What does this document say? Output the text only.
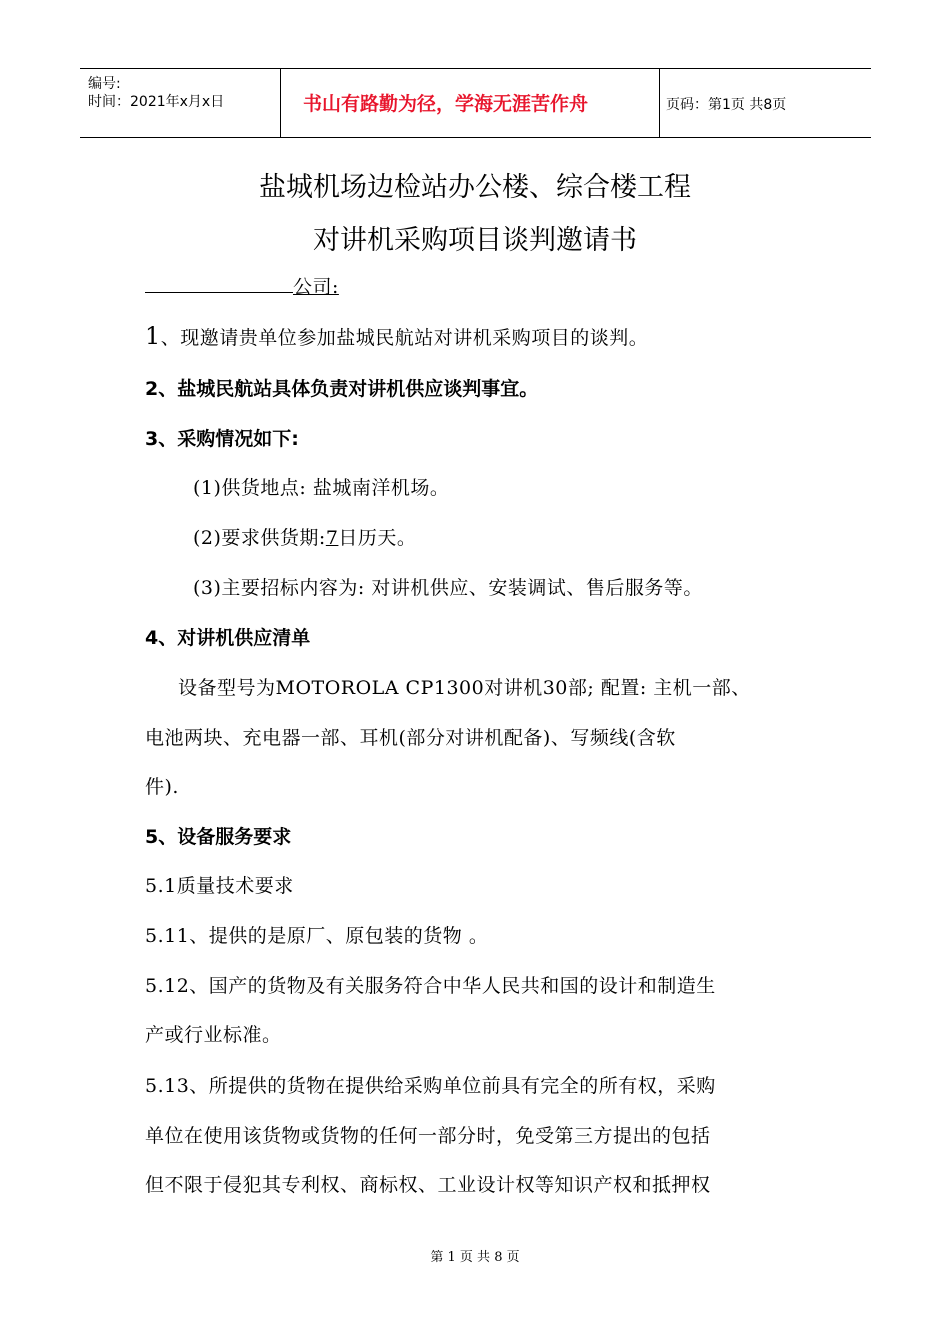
编号:
时间：2021年x月x日	书山有路勤为径，学海无涯苦作舟	页码：第1页 共8页
盐城机场边检站办公楼、综合楼工程
对讲机采购项目谈判邀请书
公司:
1、现邀请贵单位参加盐城民航站对讲机采购项目的谈判。
2、盐城民航站具体负责对讲机供应谈判事宜。
3、采购情况如下:
(1)供货地点: 盐城南洋机场。
(2)要求供货期:7日历天。
(3)主要招标内容为: 对讲机供应、安装调试、售后服务等。
4、对讲机供应清单
设备型号为MOTOROLA CP1300对讲机30部; 配置: 主机一部、
电池两块、充电器一部、耳机(部分对讲机配备)、写频线(含软
件).
5、设备服务要求
5.1质量技术要求
5.11、提供的是原厂、原包装的货物 。
5.12、国产的货物及有关服务符合中华人民共和国的设计和制造生
产或行业标准。
5.13、所提供的货物在提供给采购单位前具有完全的所有权，采购
单位在使用该货物或货物的任何一部分时，免受第三方提出的包括
但不限于侵犯其专利权、商标权、工业设计权等知识产权和抵押权
第 1 页 共 8 页
